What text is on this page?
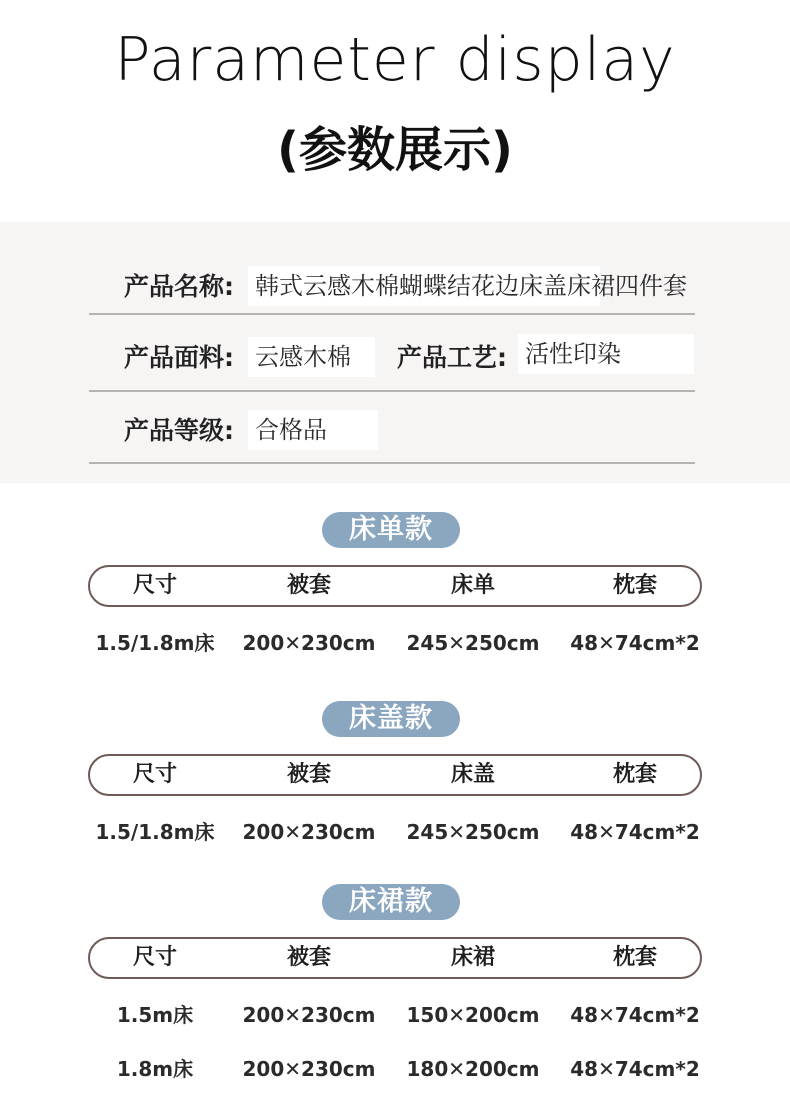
Parameter display
(参数展示)
产品名称: 韩式云感木棉蝴蝶结花边床盖床裙四件套
产品面料: 云感木棉	产品工艺: 活性印染
产品等级: 合格品
床单款
尺寸	被套	床单	枕套
1.5/1.8m床	200✕230cm	245✕250cm	48✕74cm*2
床盖款
尺寸	被套	床盖	枕套
1.5/1.8m床	200✕230cm	245✕250cm	48✕74cm*2
床裙款
尺寸	被套	床裙	枕套
1.5m床	200✕230cm	150✕200cm	48✕74cm*2
1.8m床	200✕230cm	180✕200cm	48✕74cm*2
